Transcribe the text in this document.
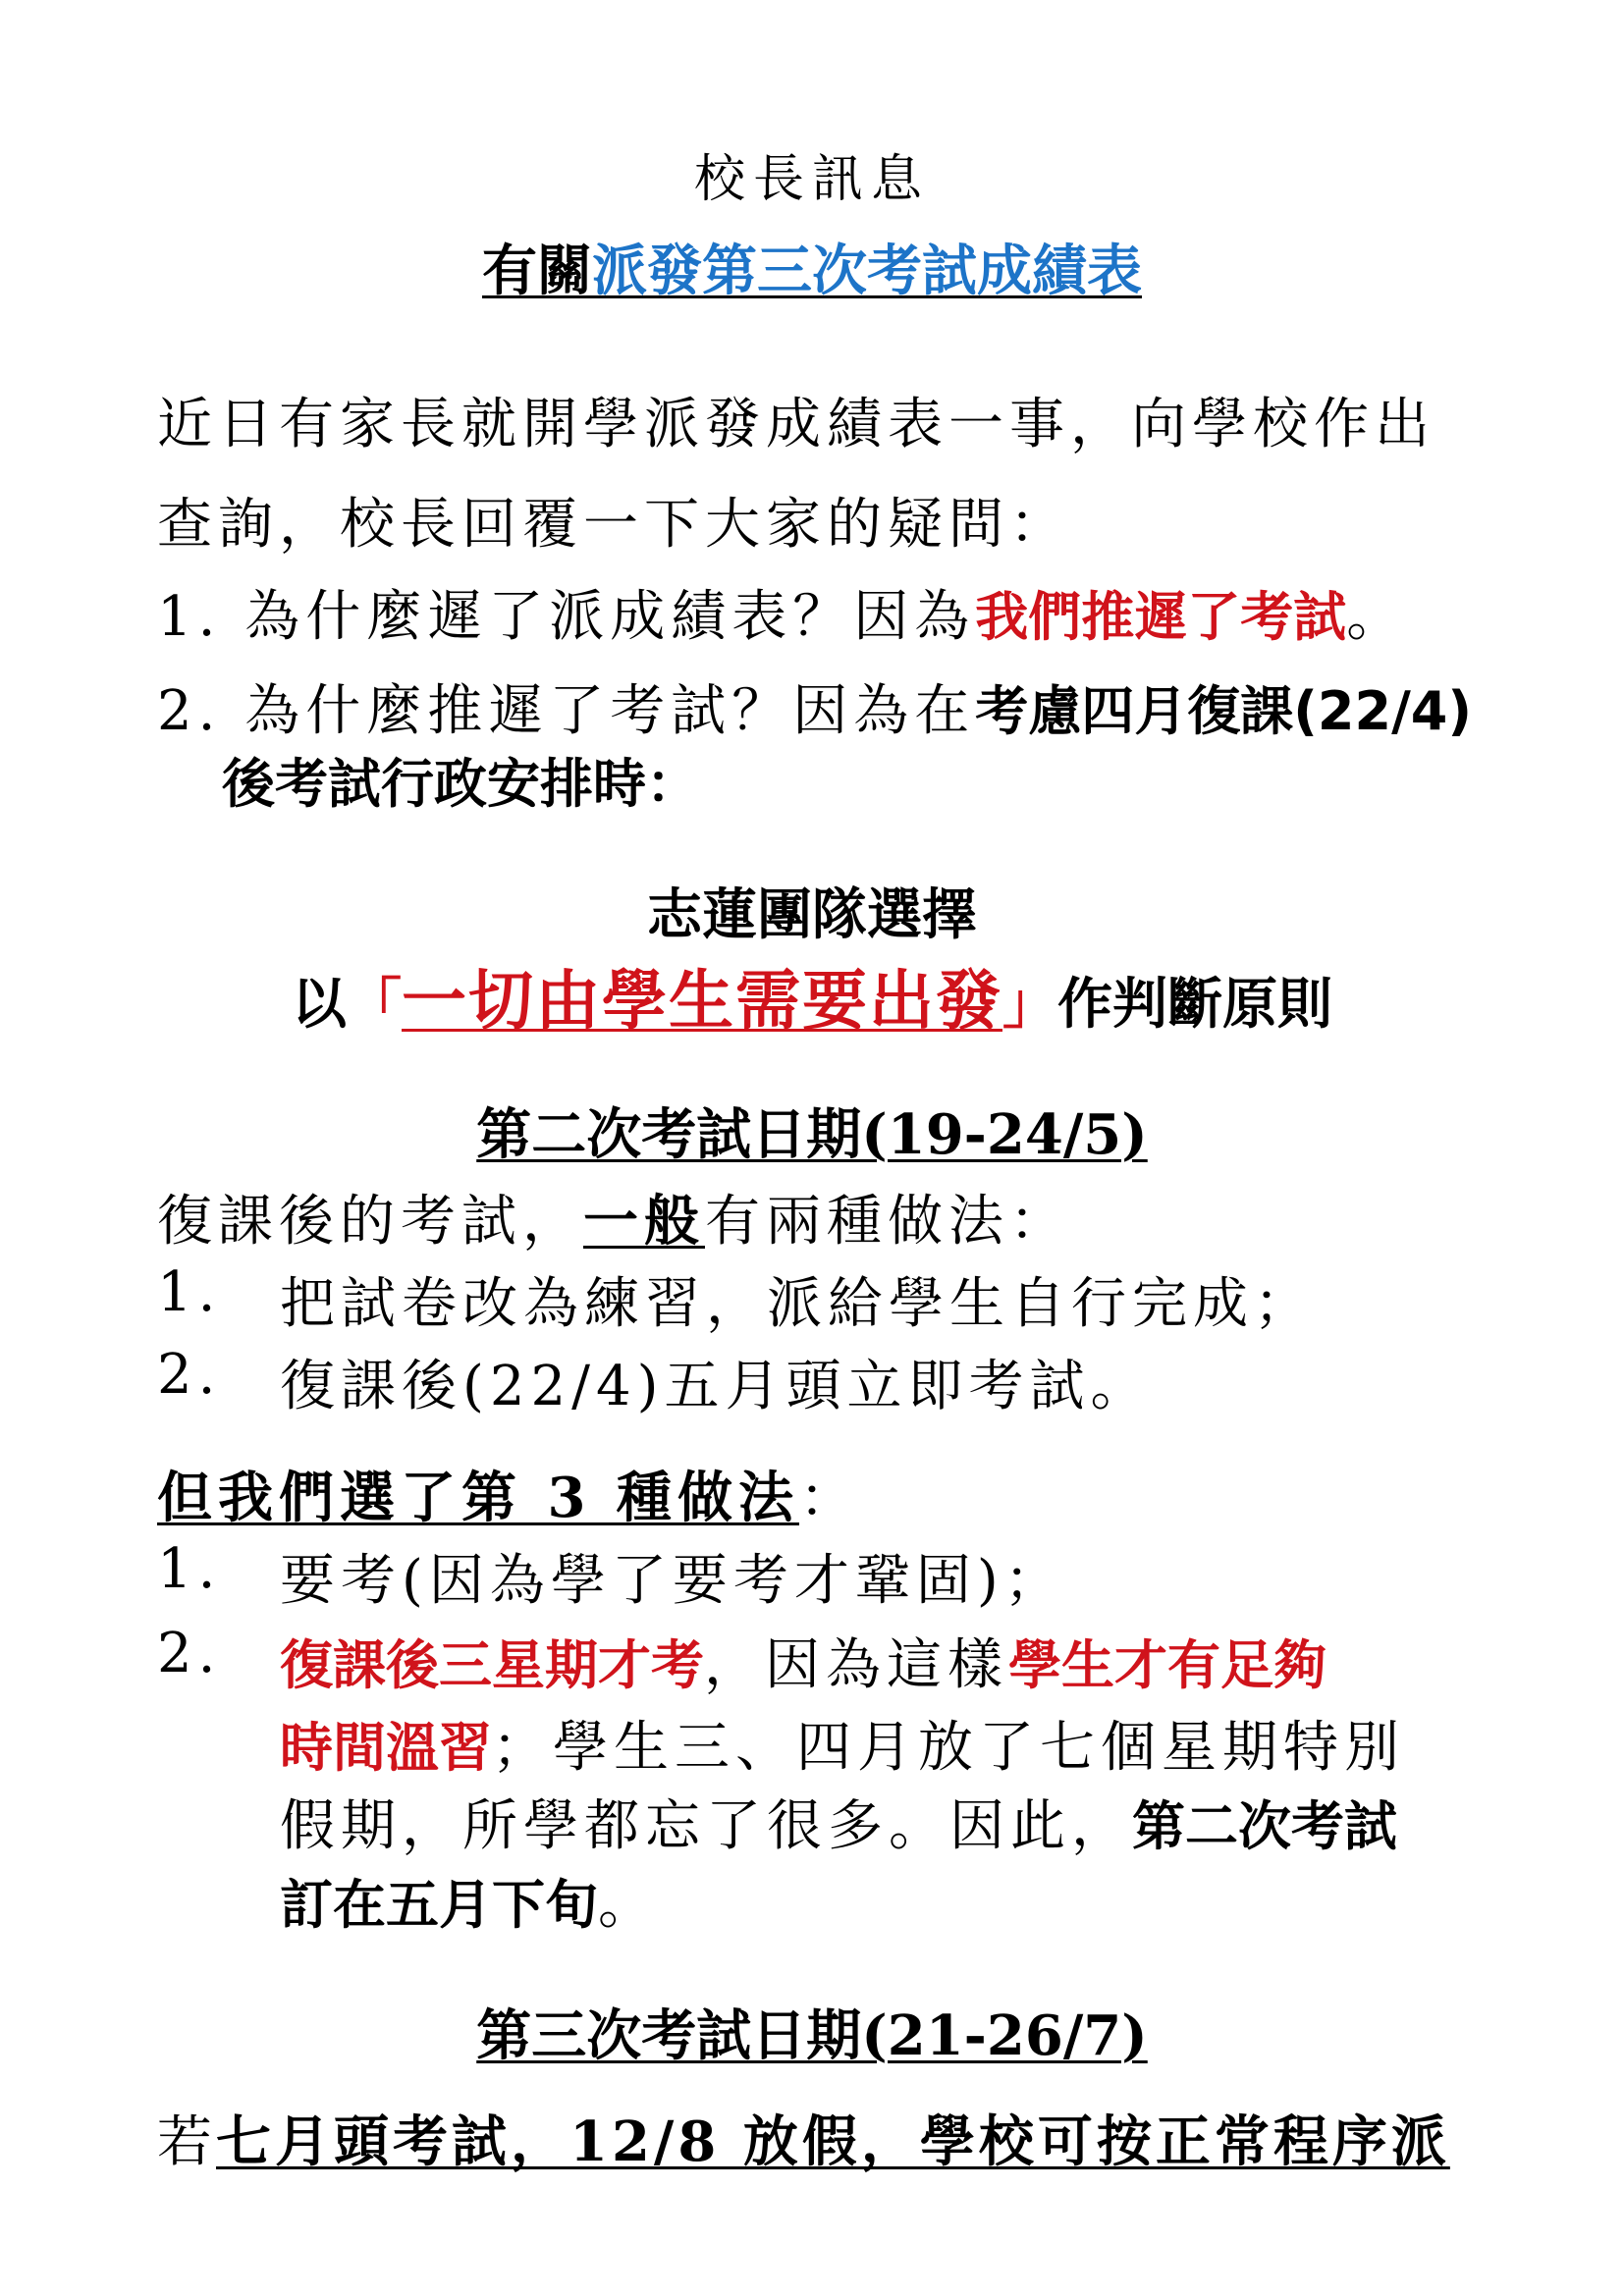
校長訊息
有關派發第三次考試成績表
近日有家長就開學派發成績表一事，向學校作出
查詢，校長回覆一下大家的疑問：
1. 為什麼遲了派成績表？因為我們推遲了考試。
2. 為什麼推遲了考試？因為在考慮四月復課(22/4)
後考試行政安排時：
志蓮團隊選擇
以「一切由學生需要出發」作判斷原則
第二次考試日期(19-24/5)
復課後的考試，一般有兩種做法：
1. 把試卷改為練習，派給學生自行完成；
2. 復課後(22/4)五月頭立即考試。
但我們選了第 3 種做法：
1. 要考(因為學了要考才鞏固)；
2. 復課後三星期才考，因為這樣學生才有足夠
時間溫習；學生三、四月放了七個星期特別
假期，所學都忘了很多。因此，第二次考試
訂在五月下旬。
第三次考試日期(21-26/7)
若七月頭考試，12/8 放假，學校可按正常程序派
